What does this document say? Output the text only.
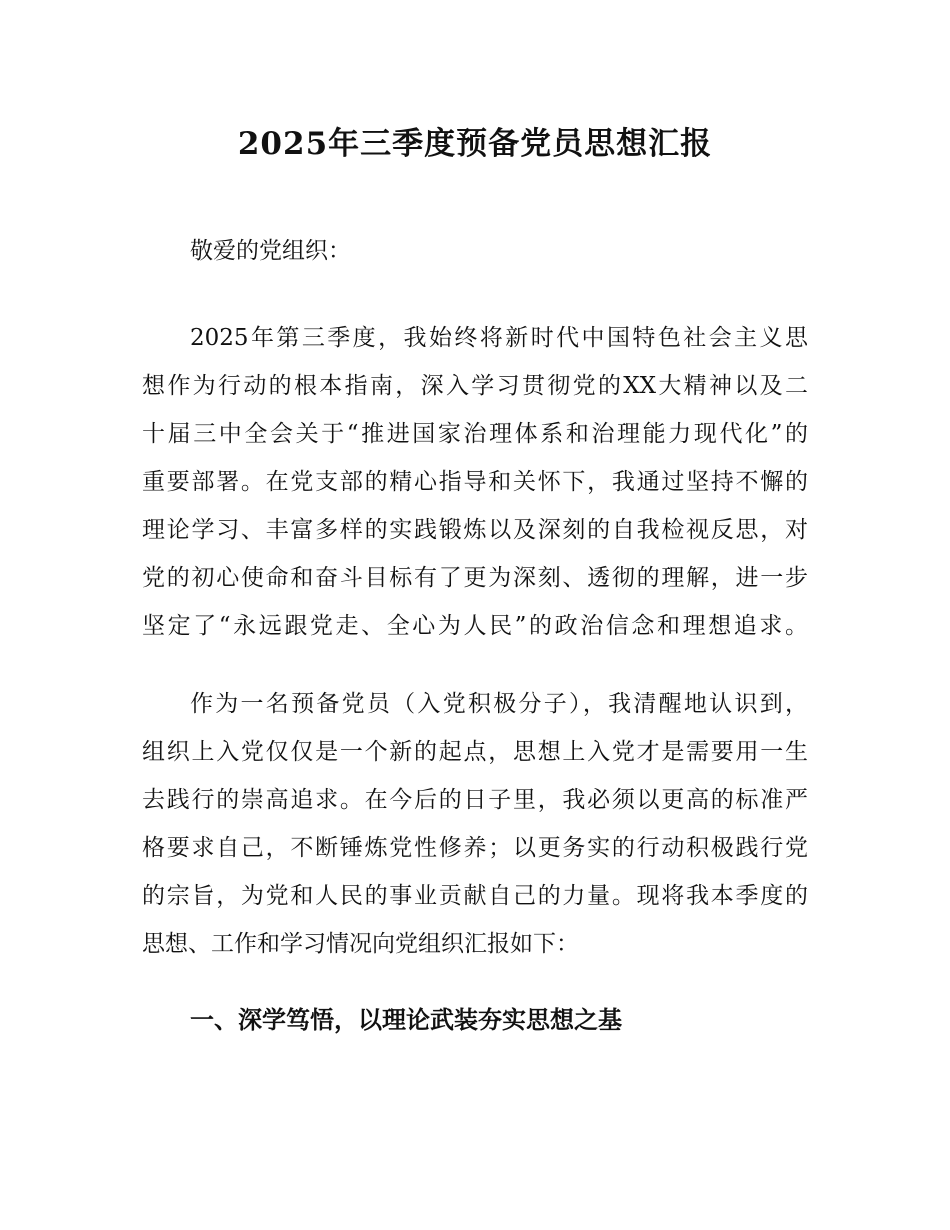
2025年三季度预备党员思想汇报
敬爱的党组织：
2025年第三季度，我始终将新时代中国特色社会主义思
想作为行动的根本指南，深入学习贯彻党的XX大精神以及二
十届三中全会关于“推进国家治理体系和治理能力现代化”的
重要部署。在党支部的精心指导和关怀下，我通过坚持不懈的
理论学习、丰富多样的实践锻炼以及深刻的自我检视反思，对
党的初心使命和奋斗目标有了更为深刻、透彻的理解，进一步
坚定了“永远跟党走、全心为人民”的政治信念和理想追求。
作为一名预备党员（入党积极分子），我清醒地认识到，
组织上入党仅仅是一个新的起点，思想上入党才是需要用一生
去践行的崇高追求。在今后的日子里，我必须以更高的标准严
格要求自己，不断锤炼党性修养；以更务实的行动积极践行党
的宗旨，为党和人民的事业贡献自己的力量。现将我本季度的
思想、工作和学习情况向党组织汇报如下：
一、深学笃悟，以理论武装夯实思想之基
